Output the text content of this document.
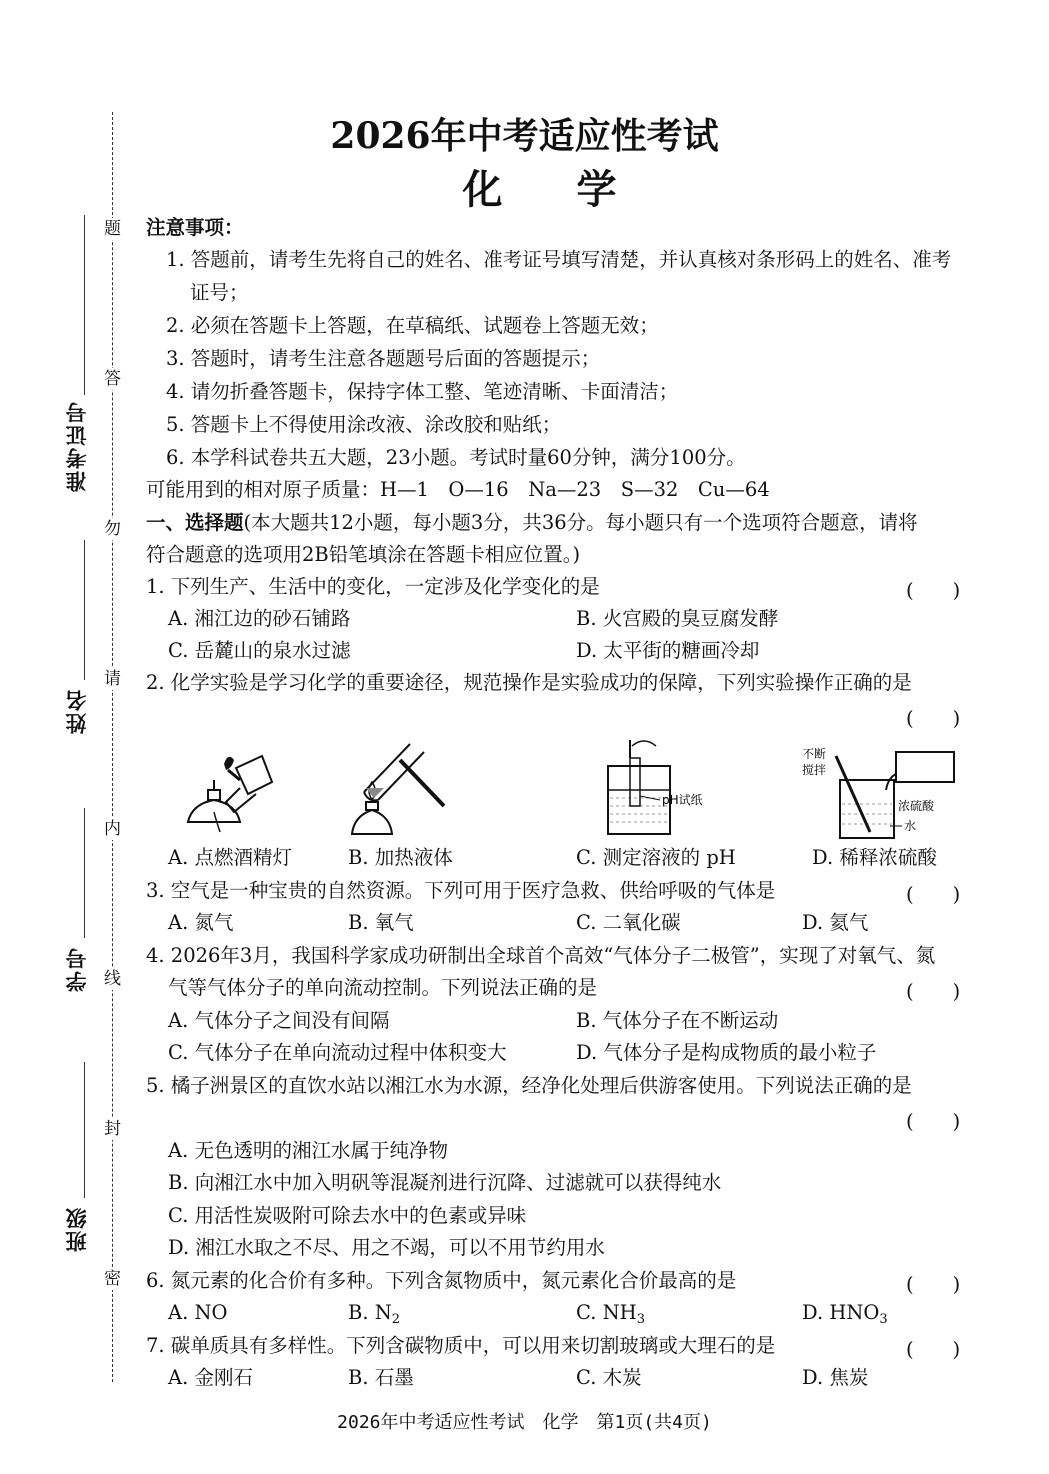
题
答
勿
请
内
线
封
密
准考证号
姓名
学号
班级
2026年中考适应性考试
化 学
注意事项：
1. 答题前，请考生先将自己的姓名、准考证号填写清楚，并认真核对条形码上的姓名、准考
证号；
2. 必须在答题卡上答题，在草稿纸、试题卷上答题无效；
3. 答题时，请考生注意各题题号后面的答题提示；
4. 请勿折叠答题卡，保持字体工整、笔迹清晰、卡面清洁；
5. 答题卡上不得使用涂改液、涂改胶和贴纸；
6. 本学科试卷共五大题，23小题。考试时量60分钟，满分100分。
可能用到的相对原子质量：H—1　O—16　Na—23　S—32　Cu—64
一、选择题(本大题共12小题，每小题3分，共36分。每小题只有一个选项符合题意，请将
符合题意的选项用2B铅笔填涂在答题卡相应位置。)
1. 下列生产、生活中的变化，一定涉及化学变化的是	(　　)
A. 湘江边的砂石铺路	B. 火宫殿的臭豆腐发酵
C. 岳麓山的泉水过滤	D. 太平街的糖画冷却
2. 化学实验是学习化学的重要途径，规范操作是实验成功的保障，下列实验操作正确的是
(　　)
pH试纸
不断
搅拌
浓硫酸
水
A. 点燃酒精灯	B. 加热液体	C. 测定溶液的 pH	D. 稀释浓硫酸
3. 空气是一种宝贵的自然资源。下列可用于医疗急救、供给呼吸的气体是	(　　)
A. 氮气	B. 氧气	C. 二氧化碳	D. 氦气
4. 2026年3月，我国科学家成功研制出全球首个高效“气体分子二极管”，实现了对氧气、氮
气等气体分子的单向流动控制。下列说法正确的是	(　　)
A. 气体分子之间没有间隔	B. 气体分子在不断运动
C. 气体分子在单向流动过程中体积变大	D. 气体分子是构成物质的最小粒子
5. 橘子洲景区的直饮水站以湘江水为水源，经净化处理后供游客使用。下列说法正确的是
(　　)
A. 无色透明的湘江水属于纯净物
B. 向湘江水中加入明矾等混凝剂进行沉降、过滤就可以获得纯水
C. 用活性炭吸附可除去水中的色素或异味
D. 湘江水取之不尽、用之不竭，可以不用节约用水
6. 氮元素的化合价有多种。下列含氮物质中，氮元素化合价最高的是	(　　)
A. NO	B. $N_2$	C. $NH_3$	D. $HNO_3$
7. 碳单质具有多样性。下列含碳物质中，可以用来切割玻璃或大理石的是	(　　)
A. 金刚石	B. 石墨	C. 木炭	D. 焦炭
2026年中考适应性考试　化学　第1页(共4页)
